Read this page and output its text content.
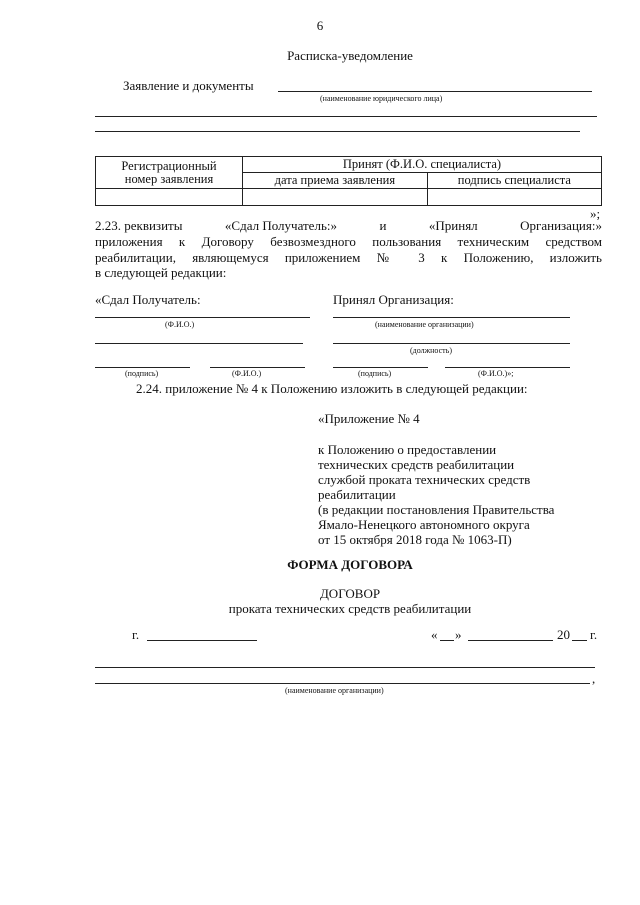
6
Расписка-уведомление
Заявление и документы
(наименование юридического лица)
Регистрационный
номер заявления	Принят (Ф.И.О. специалиста)	
	дата приема заявления	подпись специалиста

»;
2.23. реквизиты	«Сдал Получатель:»	и	«Принял	Организация:»
приложения к Договору безвозмездного пользования техническим средством
реабилитации, являющемуся приложением № 3 к Положению, изложить
в следующей редакции:
«Сдал Получатель:	Принял Организация:
(Ф.И.О.)	(наименование организации)
(должность)
(подпись)	(Ф.И.О.)	(подпись)	(Ф.И.О.)»;
2.24. приложение № 4 к Положению изложить в следующей редакции:
«Приложение № 4
к Положению о предоставлении
технических средств реабилитации
службой проката технических средств
реабилитации
(в редакции постановления Правительства
Ямало-Ненецкого автономного округа
от 15 октября 2018 года № 1063-П)
ФОРМА ДОГОВОРА
ДОГОВОР
проката технических средств реабилитации
г.	« »	20 г.
,
(наименование организации)
